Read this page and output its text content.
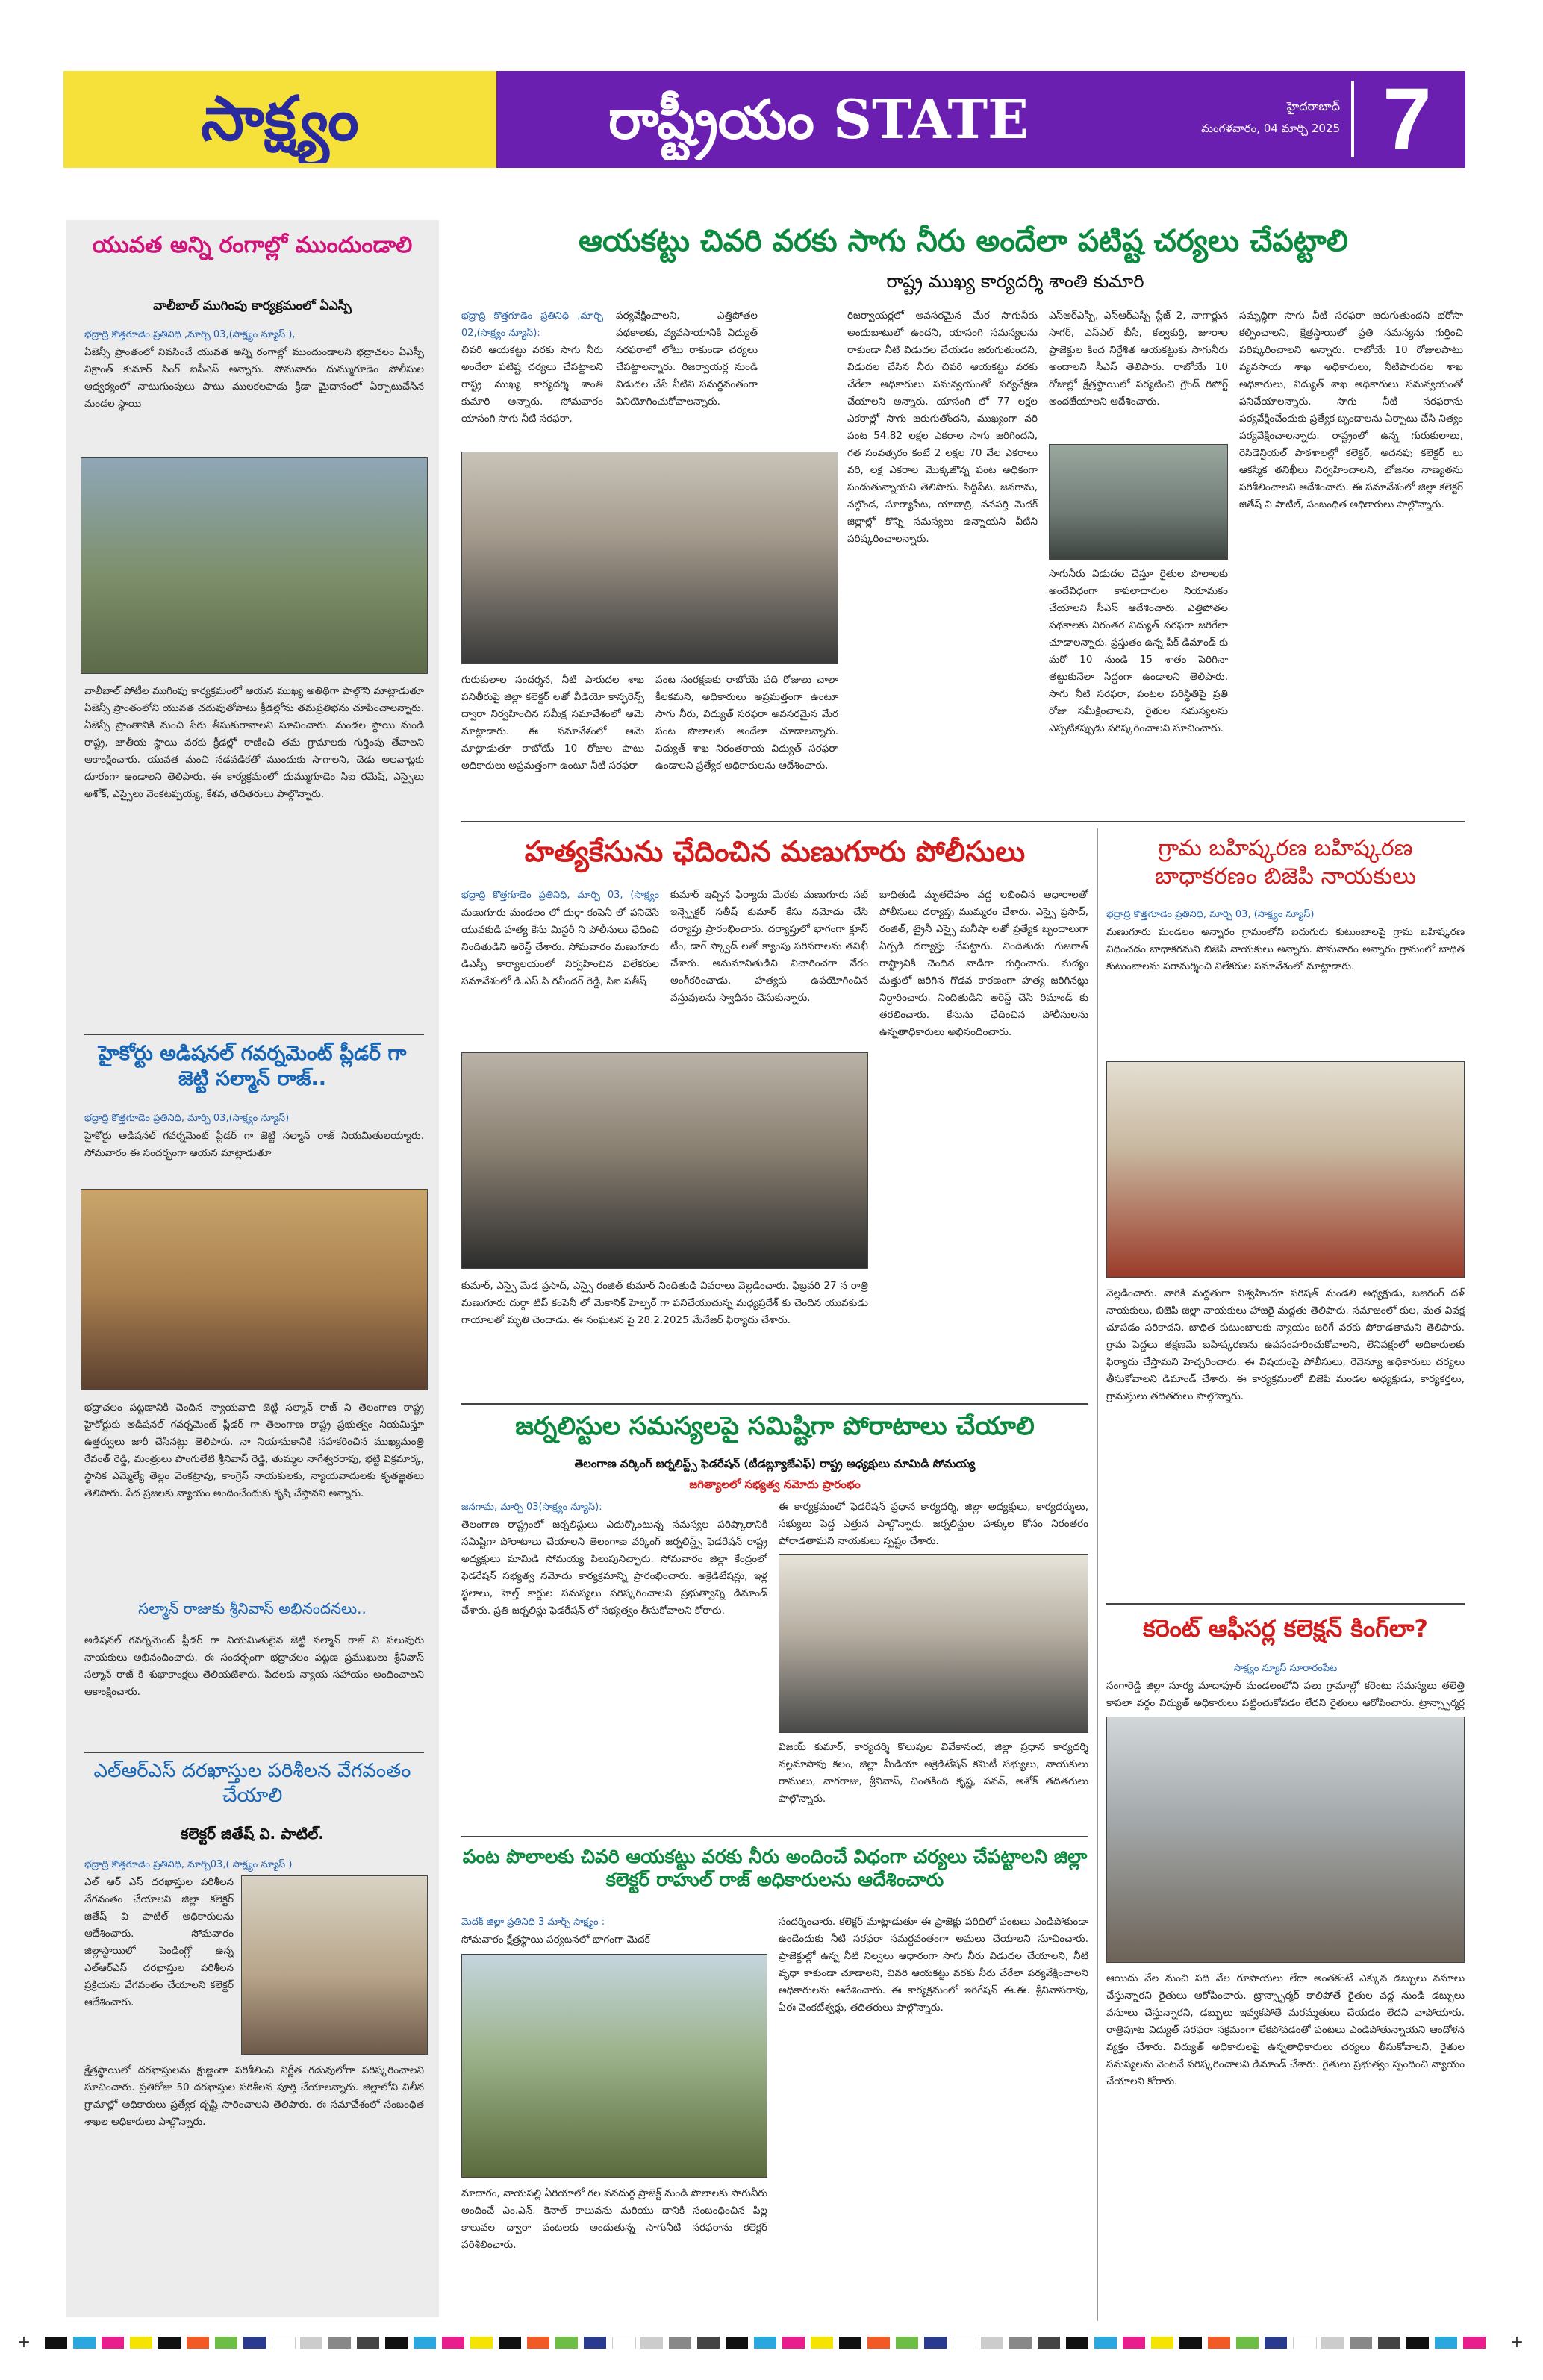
సాక్ష్యం	రాష్ట్రీయం STATE	హైదరాబాద్
మంగళవారం, 04 మార్చి 2025 7
యువత అన్ని రంగాల్లో ముందుండాలి
వాలీబాల్ ముగింపు కార్యక్రమంలో ఏఎస్పీ
భద్రాద్రి కొత్తగూడెం ప్రతినిధి ,మార్చి 03,(సాక్ష్యం న్యూస్ ),
ఏజెన్సీ ప్రాంతంలో నివసించే యువత అన్ని రంగాల్లో ముందుండాలని భద్రాచలం ఏఎస్పీ విక్రాంత్ కుమార్ సింగ్ ఐపీఎస్ అన్నారు. సోమవారం దుమ్ముగూడెం పోలీసుల ఆధ్వర్యంలో నాటుగుంపులు పాటు ములకలపాడు క్రీడా మైదానంలో ఏర్పాటుచేసిన మండల స్థాయి
వాలీబాల్ పోటీల ముగింపు కార్యక్రమంలో ఆయన ముఖ్య అతిథిగా పాల్గొని మాట్లాడుతూ ఏజెన్సీ ప్రాంతంలోని యువత చదువుతోపాటు క్రీడల్లోను తమప్రతిభను చూపించాలన్నారు. ఏజెన్సీ ప్రాంతానికి మంచి పేరు తీసుకురావాలని సూచించారు. మండల స్థాయి నుండి రాష్ట్ర, జాతీయ స్థాయి వరకు క్రీడల్లో రాణించి తమ గ్రామాలకు గుర్తింపు తేవాలని ఆకాంక్షించారు. యువత మంచి నడవడికతో ముందుకు సాగాలని, చెడు అలవాట్లకు దూరంగా ఉండాలని తెలిపారు. ఈ కార్యక్రమంలో దుమ్ముగూడెం సిఐ రమేష్, ఎస్సైలు అశోక్, ఎస్సైలు వెంకటప్పయ్య, కేశవ, తదితరులు పాల్గొన్నారు.
హైకోర్టు అడిషనల్ గవర్నమెంట్ ప్లీడర్ గా జెట్టి సల్మాన్ రాజ్..
భద్రాద్రి కొత్తగూడెం ప్రతినిధి, మార్చి 03,(సాక్ష్యం న్యూస్)
హైకోర్టు అడిషనల్ గవర్నమెంట్ ప్లీడర్ గా జెట్టి సల్మాన్ రాజ్ నియమితులయ్యారు. సోమవారం ఈ సందర్భంగా ఆయన మాట్లాడుతూ
భద్రాచలం పట్టణానికి చెందిన న్యాయవాది జెట్టి సల్మాన్ రాజ్ ని తెలంగాణ రాష్ట్ర హైకోర్టుకు అడిషనల్ గవర్నమెంట్ ప్లీడర్ గా తెలంగాణ రాష్ట్ర ప్రభుత్వం నియమిస్తూ ఉత్తర్వులు జారీ చేసినట్లు తెలిపారు. నా నియామకానికి సహకరించిన ముఖ్యమంత్రి రేవంత్ రెడ్డి, మంత్రులు పొంగులేటి శ్రీనివాస్ రెడ్డి, తుమ్మల నాగేశ్వరరావు, భట్టి విక్రమార్క, స్థానిక ఎమ్మెల్యే తెల్లం వెంకట్రావు, కాంగ్రెస్ నాయకులకు, న్యాయవాదులకు కృతజ్ఞతలు తెలిపారు. పేద ప్రజలకు న్యాయం అందించేందుకు కృషి చేస్తానని అన్నారు.
సల్మాన్ రాజుకు శ్రీనివాస్ అభినందనలు..
అడిషనల్ గవర్నమెంట్ ప్లీడర్ గా నియమితులైన జెట్టి సల్మాన్ రాజ్ ని పలువురు నాయకులు అభినందించారు. ఈ సందర్భంగా భద్రాచలం పట్టణ ప్రముఖులు శ్రీనివాస్ సల్మాన్ రాజ్ కి శుభాకాంక్షలు తెలియజేశారు. పేదలకు న్యాయ సహాయం అందించాలని ఆకాంక్షించారు.
ఎల్ఆర్ఎస్ దరఖాస్తుల పరిశీలన వేగవంతం చేయాలి
కలెక్టర్ జితేష్ వి. పాటిల్.
భద్రాద్రి కొత్తగూడెం ప్రతినిధి, మార్చి03,( సాక్ష్యం న్యూస్ )
ఎల్ ఆర్ ఎస్ దరఖాస్తుల పరిశీలన వేగవంతం చేయాలని జిల్లా కలెక్టర్ జితేష్ వి పాటిల్ అధికారులను ఆదేశించారు. సోమవారం జిల్లాస్థాయిలో పెండింగ్లో ఉన్న ఎల్ఆర్ఎస్ దరఖాస్తుల పరిశీలన ప్రక్రియను వేగవంతం చేయాలని కలెక్టర్ ఆదేశించారు.
క్షేత్రస్థాయిలో దరఖాస్తులను క్షుణ్ణంగా పరిశీలించి నిర్ణీత గడువులోగా పరిష్కరించాలని సూచించారు. ప్రతిరోజు 50 దరఖాస్తుల పరిశీలన పూర్తి చేయాలన్నారు. జిల్లాలోని విలీన గ్రామాల్లో అధికారులు ప్రత్యేక దృష్టి సారించాలని తెలిపారు. ఈ సమావేశంలో సంబంధిత శాఖల అధికారులు పాల్గొన్నారు.
ఆయకట్టు చివరి వరకు సాగు నీరు అందేలా పటిష్ట చర్యలు చేపట్టాలి
రాష్ట్ర ముఖ్య కార్యదర్శి శాంతి కుమారి
భద్రాద్రి కొత్తగూడెం ప్రతినిధి ,మార్చి 02,(సాక్ష్యం న్యూస్):
చివరి ఆయకట్టు వరకు సాగు నీరు అందేలా పటిష్ట చర్యలు చేపట్టాలని రాష్ట్ర ముఖ్య కార్యదర్శి శాంతి కుమారి అన్నారు. సోమవారం యాసంగి సాగు నీటి సరఫరా,
పర్యవేక్షించాలని, ఎత్తిపోతల పథకాలకు, వ్యవసాయానికి విద్యుత్ సరఫరాలో లోటు రాకుండా చర్యలు చేపట్టాలన్నారు. రిజర్వాయర్ల నుండి విడుదల చేసే నీటిని సమర్థవంతంగా వినియోగించుకోవాలన్నారు.
రిజర్వాయర్లలో అవసరమైన మేర సాగునీరు అందుబాటులో ఉందని, యాసంగి సమస్యలను రాకుండా నీటి విడుదల చేయడం జరుగుతుందని, విడుదల చేసిన నీరు చివరి ఆయకట్టు వరకు చేరేలా అధికారులు సమన్వయంతో పర్యవేక్షణ చేయాలని అన్నారు. యాసంగి లో 77 లక్షల ఎకరాల్లో సాగు జరుగుతోందని, ముఖ్యంగా వరి పంట 54.82 లక్షల ఎకరాల సాగు జరిగిందని, గత సంవత్సరం కంటే 2 లక్షల 70 వేల ఎకరాలు వరి, లక్ష ఎకరాల మొక్కజొన్న పంట అధికంగా పండుతున్నాయని తెలిపారు. సిద్దిపేట, జనగామ, నల్గొండ, సూర్యాపేట, యాదాద్రి, వనపర్తి మెదక్ జిల్లాల్లో కొన్ని సమస్యలు ఉన్నాయని వీటిని పరిష్కరించాలన్నారు.
ఎస్ఆర్ఎస్పీ, ఎస్ఆర్ఎస్పీ స్టేజ్ 2, నాగార్జున సాగర్, ఎస్ఎల్ బీసీ, కల్వకుర్తి, జూరాల ప్రాజెక్టుల కింద నిర్దేశిత ఆయకట్టుకు సాగునీరు అందాలని సీఎస్ తెలిపారు. రాబోయే 10 రోజుల్లో క్షేత్రస్థాయిలో పర్యటించి గ్రౌండ్ రిపోర్ట్ అందజేయాలని ఆదేశించారు.
సాగునీరు విడుదల చేస్తూ రైతుల పొలాలకు అందేవిధంగా కాపలాదారుల నియామకం చేయాలని సీఎస్ ఆదేశించారు. ఎత్తిపోతల పథకాలకు నిరంతర విద్యుత్ సరఫరా జరిగేలా చూడాలన్నారు. ప్రస్తుతం ఉన్న పీక్ డిమాండ్ కు మరో 10 నుండి 15 శాతం పెరిగినా తట్టుకునేలా సిద్ధంగా ఉండాలని తెలిపారు. సాగు నీటి సరఫరా, పంటల పరిస్థితిపై ప్రతి రోజు సమీక్షించాలని, రైతుల సమస్యలను ఎప్పటికప్పుడు పరిష్కరించాలని సూచించారు.
సమృద్ధిగా సాగు నీటి సరఫరా జరుగుతుందని భరోసా కల్పించాలని, క్షేత్రస్థాయిలో ప్రతి సమస్యను గుర్తించి పరిష్కరించాలని అన్నారు. రాబోయే 10 రోజులపాటు వ్యవసాయ శాఖ అధికారులు, నీటిపారుదల శాఖ అధికారులు, విద్యుత్ శాఖ అధికారులు సమన్వయంతో పనిచేయాలన్నారు. సాగు నీటి సరఫరాను పర్యవేక్షించేందుకు ప్రత్యేక బృందాలను ఏర్పాటు చేసి నిత్యం పర్యవేక్షించాలన్నారు. రాష్ట్రంలో ఉన్న గురుకులాలు, రెసిడెన్షియల్ పాఠశాలల్లో కలెక్టర్, అదనపు కలెక్టర్ లు ఆకస్మిక తనిఖీలు నిర్వహించాలని, భోజనం నాణ్యతను పరిశీలించాలని ఆదేశించారు. ఈ సమావేశంలో జిల్లా కలెక్టర్ జితేష్ వి పాటిల్, సంబంధిత అధికారులు పాల్గొన్నారు.
గురుకులాల సందర్శన, నీటి పారుదల శాఖ పనితీరుపై జిల్లా కలెక్టర్ లతో వీడియో కాన్ఫరెన్స్ ద్వారా నిర్వహించిన సమీక్ష సమావేశంలో ఆమె మాట్లాడారు. ఈ సమావేశంలో ఆమె మాట్లాడుతూ రాబోయే 10 రోజుల పాటు అధికారులు అప్రమత్తంగా ఉంటూ నీటి సరఫరా
పంట సంరక్షణకు రాబోయే పది రోజులు చాలా కీలకమని, అధికారులు అప్రమత్తంగా ఉంటూ సాగు నీరు, విద్యుత్ సరఫరా అవసరమైన మేర పంట పొలాలకు అందేలా చూడాలన్నారు. విద్యుత్ శాఖ నిరంతరాయ విద్యుత్ సరఫరా ఉండాలని ప్రత్యేక అధికారులను ఆదేశించారు.
హత్యకేసును ఛేదించిన మణుగూరు పోలీసులు
భద్రాద్రి కొత్తగూడెం ప్రతినిధి, మార్చి 03, (సాక్ష్యం
మణుగూరు మండలం లో దుర్గా కంపెనీ లో పనిచేసే యువకుడి హత్య కేసు మిస్టరీ ని పోలీసులు ఛేదించి నిందితుడిని అరెస్ట్ చేశారు. సోమవారం మణుగూరు డిఎస్పీ కార్యాలయంలో నిర్వహించిన విలేకరుల సమావేశంలో డి.ఎస్.పి రవీందర్ రెడ్డి, సిఐ సతీష్
కుమార్ ఇచ్చిన ఫిర్యాదు మేరకు మణుగూరు సబ్ ఇన్స్పెక్టర్ సతీష్ కుమార్ కేసు నమోదు చేసి దర్యాప్తు ప్రారంభించారు. దర్యాప్తులో భాగంగా క్లూస్ టీం, డాగ్ స్క్వాడ్ లతో క్యాంపు పరిసరాలను తనిఖీ చేశారు. అనుమానితుడిని విచారించగా నేరం అంగీకరించాడు. హత్యకు ఉపయోగించిన వస్తువులను స్వాధీనం చేసుకున్నారు.
కుమార్, ఎస్సై మేడ ప్రసాద్, ఎస్సై రంజిత్ కుమార్ నిందితుడి వివరాలు వెల్లడించారు. ఫిబ్రవరి 27 న రాత్రి మణుగూరు దుర్గా టిప్ కంపెనీ లో మెకానిక్ హెల్పర్ గా పనిచేయుచున్న మధ్యప్రదేశ్ కు చెందిన యువకుడు గాయాలతో మృతి చెందాడు. ఈ సంఘటన పై 28.2.2025 మేనేజర్ ఫిర్యాదు చేశారు.
బాధితుడి మృతదేహం వద్ద లభించిన ఆధారాలతో పోలీసులు దర్యాప్తు ముమ్మరం చేశారు. ఎస్సై ప్రసాద్, రంజిత్, ట్రైనీ ఎస్సై మనీషా లతో ప్రత్యేక బృందాలుగా ఏర్పడి దర్యాప్తు చేపట్టారు. నిందితుడు గుజరాత్ రాష్ట్రానికి చెందిన వాడిగా గుర్తించారు. మద్యం మత్తులో జరిగిన గొడవ కారణంగా హత్య జరిగినట్లు నిర్ధారించారు. నిందితుడిని అరెస్ట్ చేసి రిమాండ్ కు తరలించారు. కేసును ఛేదించిన పోలీసులను ఉన్నతాధికారులు అభినందించారు.
గ్రామ బహిష్కరణ బహిష్కరణ బాధాకరణం బిజెపి నాయకులు
భద్రాద్రి కొత్తగూడెం ప్రతినిధి, మార్చి 03, (సాక్ష్యం న్యూస్)
మణుగూరు మండలం అన్నారం గ్రామంలోని ఐదుగురు కుటుంబాలపై గ్రామ బహిష్కరణ విధించడం బాధాకరమని బిజెపి నాయకులు అన్నారు. సోమవారం అన్నారం గ్రామంలో బాధిత కుటుంబాలను పరామర్శించి విలేకరుల సమావేశంలో మాట్లాడారు.
వెల్లడించారు. వారికి మద్దతుగా విశ్వహిందూ పరిషత్ మండలి అధ్యక్షుడు, బజరంగ్ దళ్ నాయకులు, బిజెపి జిల్లా నాయకులు హాజరై మద్దతు తెలిపారు. సమాజంలో కుల, మత వివక్ష చూపడం సరికాదని, బాధిత కుటుంబాలకు న్యాయం జరిగే వరకు పోరాడతామని తెలిపారు. గ్రామ పెద్దలు తక్షణమే బహిష్కరణను ఉపసంహరించుకోవాలని, లేనిపక్షంలో అధికారులకు ఫిర్యాదు చేస్తామని హెచ్చరించారు. ఈ విషయంపై పోలీసులు, రెవెన్యూ అధికారులు చర్యలు తీసుకోవాలని డిమాండ్ చేశారు. ఈ కార్యక్రమంలో బిజెపి మండల అధ్యక్షుడు, కార్యకర్తలు, గ్రామస్తులు తదితరులు పాల్గొన్నారు.
కరెంట్ ఆఫీసర్ల కలెక్షన్ కింగ్‌లా?
సాక్ష్యం న్యూస్ సూరారంపేట
సంగారెడ్డి జిల్లా సూర్య మాదాపూర్ మండలంలోని పలు గ్రామాల్లో కరెంటు సమస్యలు తలెత్తి కాపలా వర్గం విద్యుత్ అధికారులు పట్టించుకోవడం లేదని రైతులు ఆరోపించారు. ట్రాన్స్ఫార్మర్ల
ఆయిదు వేల నుంచి పది వేల రూపాయలు లేదా అంతకంటే ఎక్కువ డబ్బులు వసూలు చేస్తున్నారని రైతులు ఆరోపించారు. ట్రాన్స్ఫార్మర్ కాలిపోతే రైతుల వద్ద నుండి డబ్బులు వసూలు చేస్తున్నారని, డబ్బులు ఇవ్వకపోతే మరమ్మతులు చేయడం లేదని వాపోయారు. రాత్రిపూట విద్యుత్ సరఫరా సక్రమంగా లేకపోవడంతో పంటలు ఎండిపోతున్నాయని ఆందోళన వ్యక్తం చేశారు. విద్యుత్ అధికారులపై ఉన్నతాధికారులు చర్యలు తీసుకోవాలని, రైతుల సమస్యలను వెంటనే పరిష్కరించాలని డిమాండ్ చేశారు. రైతులు ప్రభుత్వం స్పందించి న్యాయం చేయాలని కోరారు.
జర్నలిస్టుల సమస్యలపై సమిష్టిగా పోరాటాలు చేయాలి
తెలంగాణ వర్కింగ్ జర్నలిస్ట్స్ ఫెడరేషన్ (టీడబ్ల్యూజేఎఫ్) రాష్ట్ర అధ్యక్షులు మామిడి సోమయ్య
జగిత్యాలలో సభ్యత్వ నమోదు ప్రారంభం
జనగామ, మార్చి 03(సాక్ష్యం న్యూస్):
తెలంగాణ రాష్ట్రంలో జర్నలిస్టులు ఎదుర్కొంటున్న సమస్యల పరిష్కారానికి సమిష్టిగా పోరాటాలు చేయాలని తెలంగాణ వర్కింగ్ జర్నలిస్ట్స్ ఫెడరేషన్ రాష్ట్ర అధ్యక్షులు మామిడి సోమయ్య పిలుపునిచ్చారు. సోమవారం జిల్లా కేంద్రంలో ఫెడరేషన్ సభ్యత్వ నమోదు కార్యక్రమాన్ని ప్రారంభించారు. అక్రెడిటేషన్లు, ఇళ్ల స్థలాలు, హెల్త్ కార్డుల సమస్యలు పరిష్కరించాలని ప్రభుత్వాన్ని డిమాండ్ చేశారు. ప్రతి జర్నలిస్టు ఫెడరేషన్ లో సభ్యత్వం తీసుకోవాలని కోరారు.
ఈ కార్యక్రమంలో ఫెడరేషన్ ప్రధాన కార్యదర్శి, జిల్లా అధ్యక్షులు, కార్యదర్శులు, సభ్యులు పెద్ద ఎత్తున పాల్గొన్నారు. జర్నలిస్టుల హక్కుల కోసం నిరంతరం పోరాడతామని నాయకులు స్పష్టం చేశారు.
విజయ్ కుమార్, కార్యదర్శి కొలుపుల వివేకానంద, జిల్లా ప్రధాన కార్యదర్శి నల్లమాసాపు కలం, జిల్లా మీడియా అక్రెడిటేషన్ కమిటీ సభ్యులు, నాయకులు రాములు, నాగరాజు, శ్రీనివాస్, చింతకింది కృష్ణ, పవన్, అశోక్ తదితరులు పాల్గొన్నారు.
పంట పొలాలకు చివరి ఆయకట్టు వరకు నీరు అందించే విధంగా చర్యలు చేపట్టాలని జిల్లా కలెక్టర్ రాహుల్ రాజ్ అధికారులను ఆదేశించారు
మెదక్ జిల్లా ప్రతినిధి 3 మార్చ్ సాక్ష్యం :
సోమవారం క్షేత్రస్థాయి పర్యటనలో భాగంగా మెదక్
మాదారం, నాయపల్లి ఏరియాలో గల వనదుర్గ ప్రాజెక్ట్ నుండి పొలాలకు సాగునీరు అందించే ఎం.ఎన్. కెనాల్ కాలువను మరియు దానికి సంబంధించిన పిల్ల కాలువల ద్వారా పంటలకు అందుతున్న సాగునీటి సరఫరాను కలెక్టర్ పరిశీలించారు.
సందర్శించారు. కలెక్టర్ మాట్లాడుతూ ఈ ప్రాజెక్టు పరిధిలో పంటలు ఎండిపోకుండా ఉండేందుకు నీటి సరఫరా సమర్థవంతంగా అమలు చేయాలని సూచించారు. ప్రాజెక్టుల్లో ఉన్న నీటి నిల్వలు ఆధారంగా సాగు నీరు విడుదల చేయాలని, నీటి వృధా కాకుండా చూడాలని, చివరి ఆయకట్టు వరకు నీరు చేరేలా పర్యవేక్షించాలని అధికారులను ఆదేశించారు. ఈ కార్యక్రమంలో ఇరిగేషన్ ఈ.ఈ. శ్రీనివాసరావు, ఏఈ వెంకటేశ్వర్లు, తదితరులు పాల్గొన్నారు.
+	+
